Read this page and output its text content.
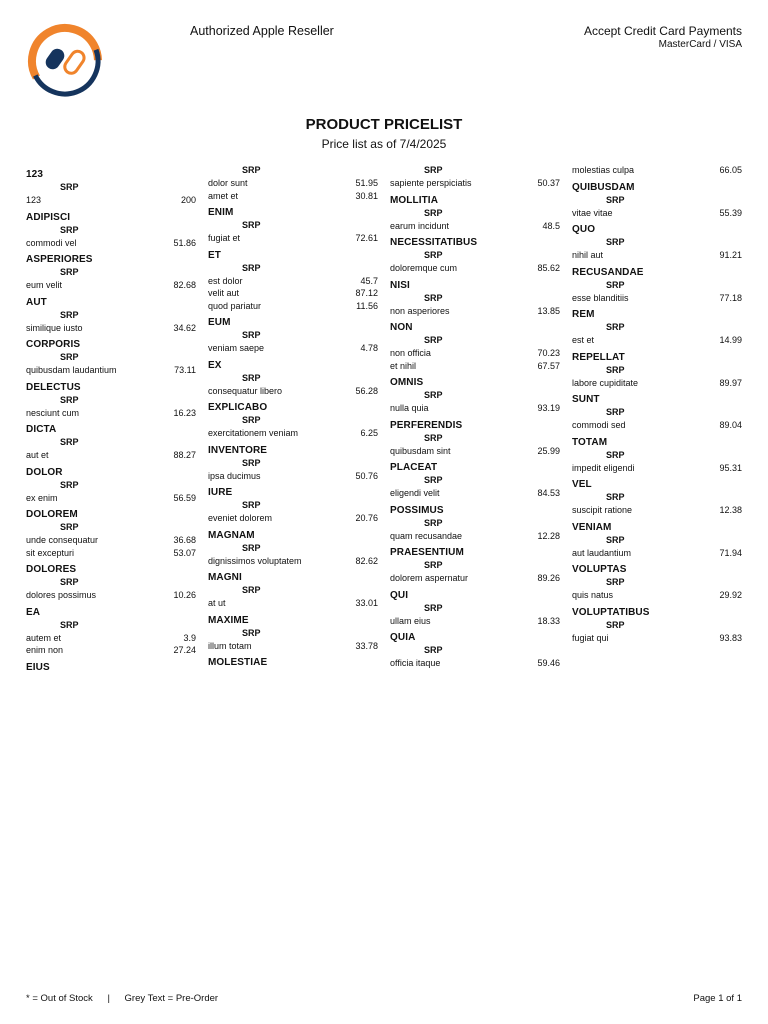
Authorized Apple Reseller	Accept Credit Card Payments
MasterCard / VISA
PRODUCT PRICELIST
Price list as of 7/4/2025
123
SRP
123	200
ADIPISCI
SRP
commodi vel	51.86
ASPERIORES
SRP
eum velit	82.68
AUT
SRP
similique iusto	34.62
CORPORIS
SRP
quibusdam laudantium	73.11
DELECTUS
SRP
nesciunt cum	16.23
DICTA
SRP
aut et	88.27
DOLOR
SRP
ex enim	56.59
DOLOREM
SRP
unde consequatur	36.68
sit excepturi	53.07
DOLORES
SRP
dolores possimus	10.26
EA
SRP
autem et	3.9
enim non	27.24
EIUS
SRP
dolor sunt	51.95
amet et	30.81
ENIM
SRP
fugiat et	72.61
ET
SRP
est dolor	45.7
velit aut	87.12
quod pariatur	11.56
EUM
SRP
veniam saepe	4.78
EX
SRP
consequatur libero	56.28
EXPLICABO
SRP
exercitationem veniam	6.25
INVENTORE
SRP
ipsa ducimus	50.76
IURE
SRP
eveniet dolorem	20.76
MAGNAM
SRP
dignissimos voluptatem	82.62
MAGNI
SRP
at ut	33.01
MAXIME
SRP
illum totam	33.78
MOLESTIAE
SRP
sapiente perspiciatis	50.37
MOLLITIA
SRP
earum incidunt	48.5
NECESSITATIBUS
SRP
doloremque cum	85.62
NISI
SRP
non asperiores	13.85
NON
SRP
non officia	70.23
et nihil	67.57
OMNIS
SRP
nulla quia	93.19
PERFERENDIS
SRP
quibusdam sint	25.99
PLACEAT
SRP
eligendi velit	84.53
POSSIMUS
SRP
quam recusandae	12.28
PRAESENTIUM
SRP
dolorem aspernatur	89.26
QUI
SRP
ullam eius	18.33
QUIA
SRP
officia itaque	59.46
molestias culpa	66.05
QUIBUSDAM
SRP
vitae vitae	55.39
QUO
SRP
nihil aut	91.21
RECUSANDAE
SRP
esse blanditiis	77.18
REM
SRP
est et	14.99
REPELLAT
SRP
labore cupiditate	89.97
SUNT
SRP
commodi sed	89.04
TOTAM
SRP
impedit eligendi	95.31
VEL
SRP
suscipit ratione	12.38
VENIAM
SRP
aut laudantium	71.94
VOLUPTAS
SRP
quis natus	29.92
VOLUPTATIBUS
SRP
fugiat qui	93.83
* = Out of Stock | Grey Text = Pre-Order	Page 1 of 1
